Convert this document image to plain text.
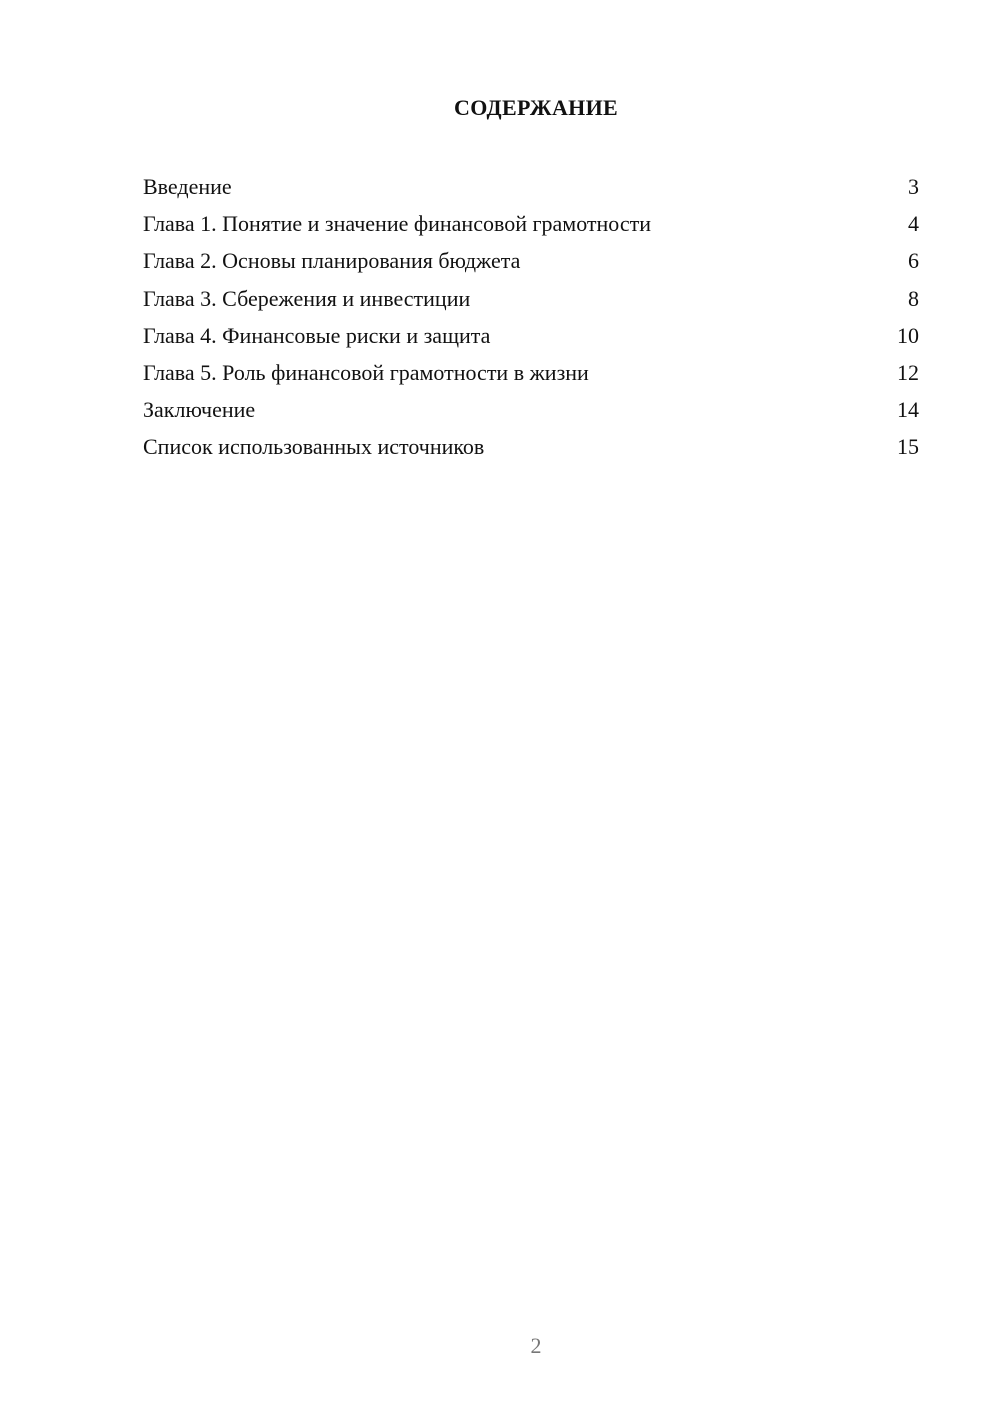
СОДЕРЖАНИЕ
Введение	3
Глава 1. Понятие и значение финансовой грамотности	4
Глава 2. Основы планирования бюджета	6
Глава 3. Сбережения и инвестиции	8
Глава 4. Финансовые риски и защита	10
Глава 5. Роль финансовой грамотности в жизни	12
Заключение	14
Список использованных источников	15
2
